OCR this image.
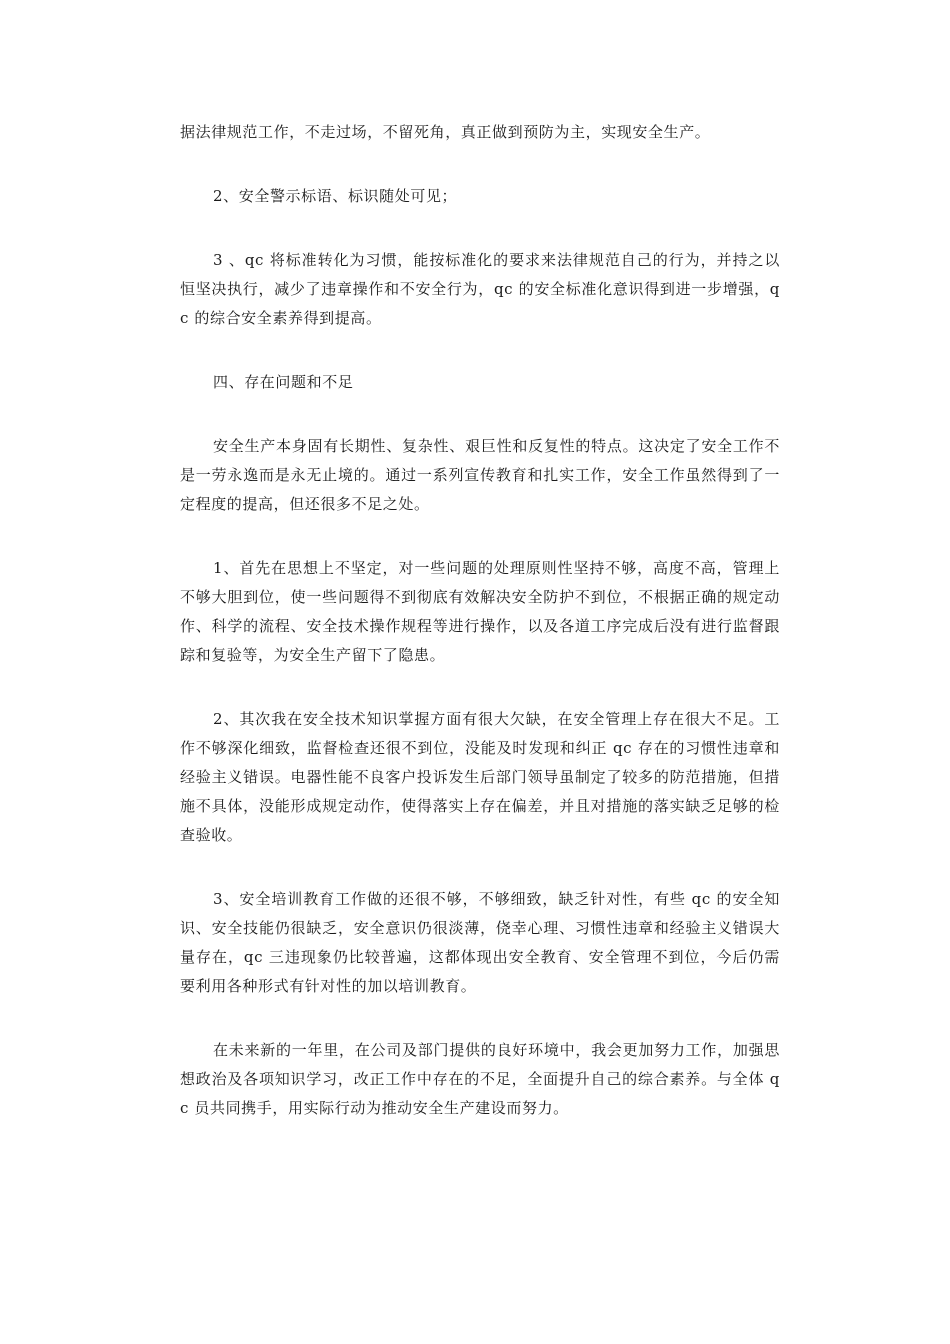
据法律规范工作，不走过场，不留死角，真正做到预防为主，实现安全生产。

2、安全警示标语、标识随处可见；

3 、qc 将标准转化为习惯，能按标准化的要求来法律规范自己的行为，并持之以恒坚决执行，减少了违章操作和不安全行为，qc 的安全标准化意识得到进一步增强，qc 的综合安全素养得到提高。

四、存在问题和不足

安全生产本身固有长期性、复杂性、艰巨性和反复性的特点。这决定了安全工作不是一劳永逸而是永无止境的。通过一系列宣传教育和扎实工作，安全工作虽然得到了一定程度的提高，但还很多不足之处。

1、首先在思想上不坚定，对一些问题的处理原则性坚持不够，高度不高，管理上不够大胆到位，使一些问题得不到彻底有效解决安全防护不到位，不根据正确的规定动作、科学的流程、安全技术操作规程等进行操作，以及各道工序完成后没有进行监督跟踪和复验等，为安全生产留下了隐患。

2、其次我在安全技术知识掌握方面有很大欠缺，在安全管理上存在很大不足。工作不够深化细致，监督检查还很不到位，没能及时发现和纠正 qc 存在的习惯性违章和经验主义错误。电器性能不良客户投诉发生后部门领导虽制定了较多的防范措施，但措施不具体，没能形成规定动作，使得落实上存在偏差，并且对措施的落实缺乏足够的检查验收。

3、安全培训教育工作做的还很不够，不够细致，缺乏针对性，有些 qc 的安全知识、安全技能仍很缺乏，安全意识仍很淡薄，侥幸心理、习惯性违章和经验主义错误大量存在，qc 三违现象仍比较普遍，这都体现出安全教育、安全管理不到位，今后仍需要利用各种形式有针对性的加以培训教育。

在未来新的一年里，在公司及部门提供的良好环境中，我会更加努力工作，加强思想政治及各项知识学习，改正工作中存在的不足，全面提升自己的综合素养。与全体 qc 员共同携手，用实际行动为推动安全生产建设而努力。
